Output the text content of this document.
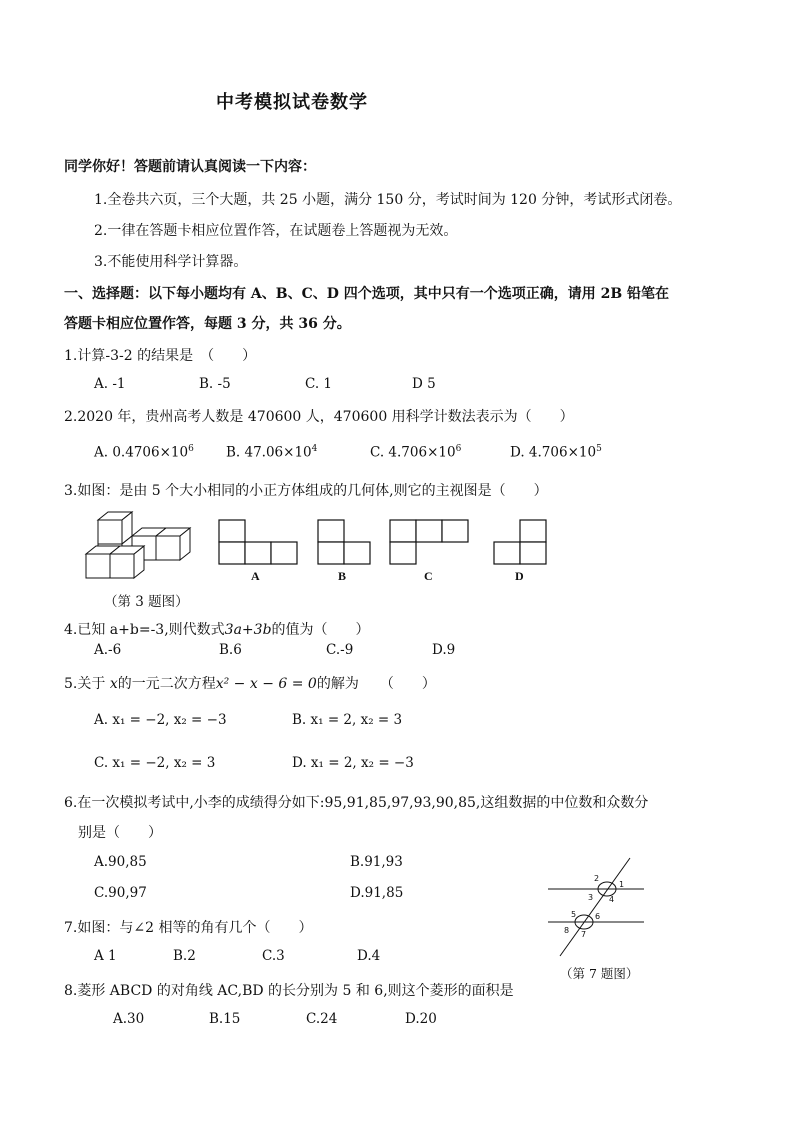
中考模拟试卷数学
同学你好！答题前请认真阅读一下内容：
1.全卷共六页，三个大题，共 25 小题，满分 150 分，考试时间为 120 分钟，考试形式闭卷。
2.一律在答题卡相应位置作答，在试题卷上答题视为无效。
3.不能使用科学计算器。
一、选择题：以下每小题均有 A、B、C、D 四个选项，其中只有一个选项正确，请用 2B 铅笔在
答题卡相应位置作答，每题 3 分，共 36 分。
1.计算-3-2 的结果是　（　　）
A. -1	B. -5	C. 1	D 5
2.2020 年，贵州高考人数是 470600 人，470600 用科学计数法表示为（　　）
A. $0.4706\times 10^6$ B. $47.06\times 10^4$	C. $4.706\times 10^6$	D. $4.706\times 10^5$
3.如图：是由 5 个大小相同的小正方体组成的几何体,则它的主视图是（　　）
（第 3 题图）
A	B	C	D
4.已知 a+b=-3,则代数式3a+3b的值为（　　）
A.-6	B.6	C.-9	D.9
5.关于 x的一元二次方程x² − x − 6 = 0的解为　　（　　）
A. x₁ = −2, x₂ = −3	B. x₁ = 2, x₂ = 3
C. x₁ = −2, x₂ = 3	D. x₁ = 2, x₂ = −3
6.在一次模拟考试中,小李的成绩得分如下:95,91,85,97,93,90,85,这组数据的中位数和众数分
别是（　　）
A.90,85	B.91,93
C.90,97	D.91,85
2
1
3 4
5 6
8 7
（第 7 题图）
7.如图：与∠2 相等的角有几个（　　）
A 1	B.2	C.3	D.4
8.菱形 ABCD 的对角线 AC,BD 的长分别为 5 和 6,则这个菱形的面积是
A.30	B.15	C.24	D.20
